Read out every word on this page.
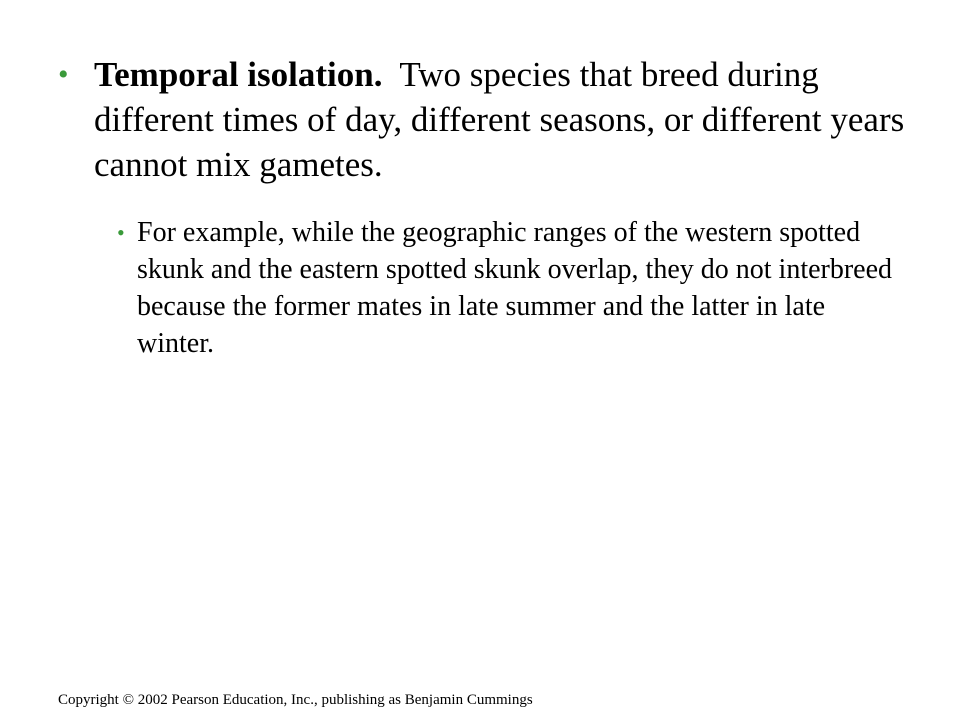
• Temporal isolation. Two species that breed during different times of day, different seasons, or different years cannot mix gametes.
• For example, while the geographic ranges of the western spotted skunk and the eastern spotted skunk overlap, they do not interbreed because the former mates in late summer and the latter in late winter.
Copyright © 2002 Pearson Education, Inc., publishing as Benjamin Cummings
